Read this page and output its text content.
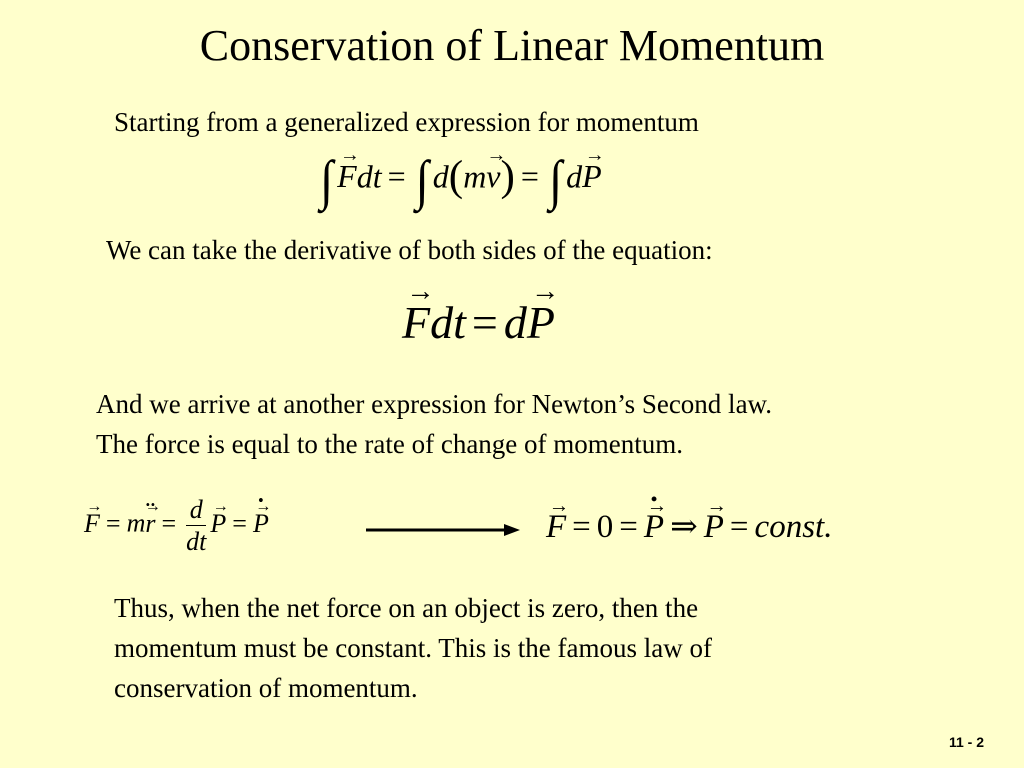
Conservation of Linear Momentum
Starting from a generalized expression for momentum
∫→ Fdt = ∫ d(m→ v) = ∫ d→ P
We can take the derivative of both sides of the equation:
→ Fdt = d→ P
And we arrive at another expression for Newton’s Second law.
The force is equal to the rate of change of momentum.
→ F = m→ r ‥ = $\frac{d}{dt}$
→ P =→ P •
→	F = 0 =→ P • ⇒→ P = const.
Thus, when the net force on an object is zero, then the
momentum must be constant. This is the famous law of
conservation of momentum.
11 - 2
